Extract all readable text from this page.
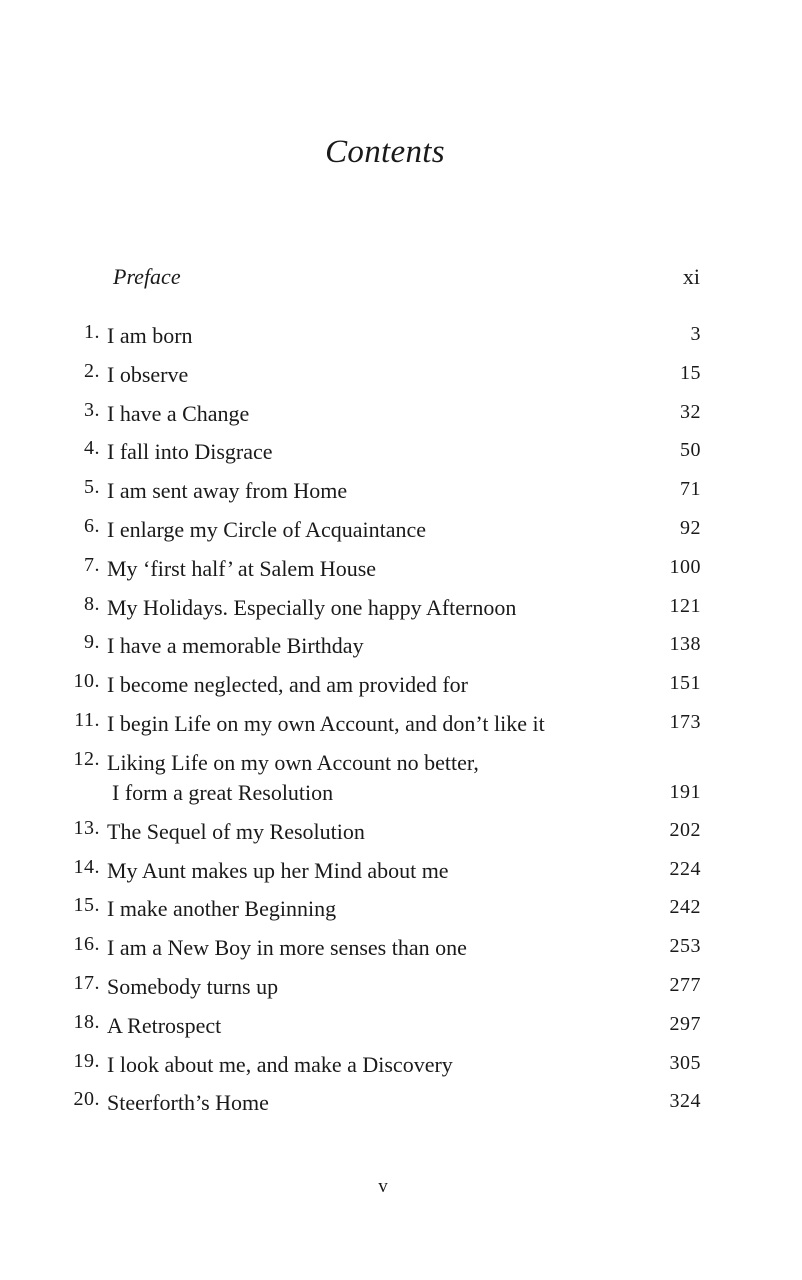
Contents
Preface	xi
1. I am born	3
2. I observe	15
3. I have a Change	32
4. I fall into Disgrace	50
5. I am sent away from Home	71
6. I enlarge my Circle of Acquaintance	92
7. My ‘first half’ at Salem House	100
8. My Holidays. Especially one happy Afternoon	121
9. I have a memorable Birthday	138
10. I become neglected, and am provided for	151
11. I begin Life on my own Account, and don’t like it	173
12. Liking Life on my own Account no better,
I form a great Resolution	191
13. The Sequel of my Resolution	202
14. My Aunt makes up her Mind about me	224
15. I make another Beginning	242
16. I am a New Boy in more senses than one	253
17. Somebody turns up	277
18. A Retrospect	297
19. I look about me, and make a Discovery	305
20. Steerforth’s Home	324
v
